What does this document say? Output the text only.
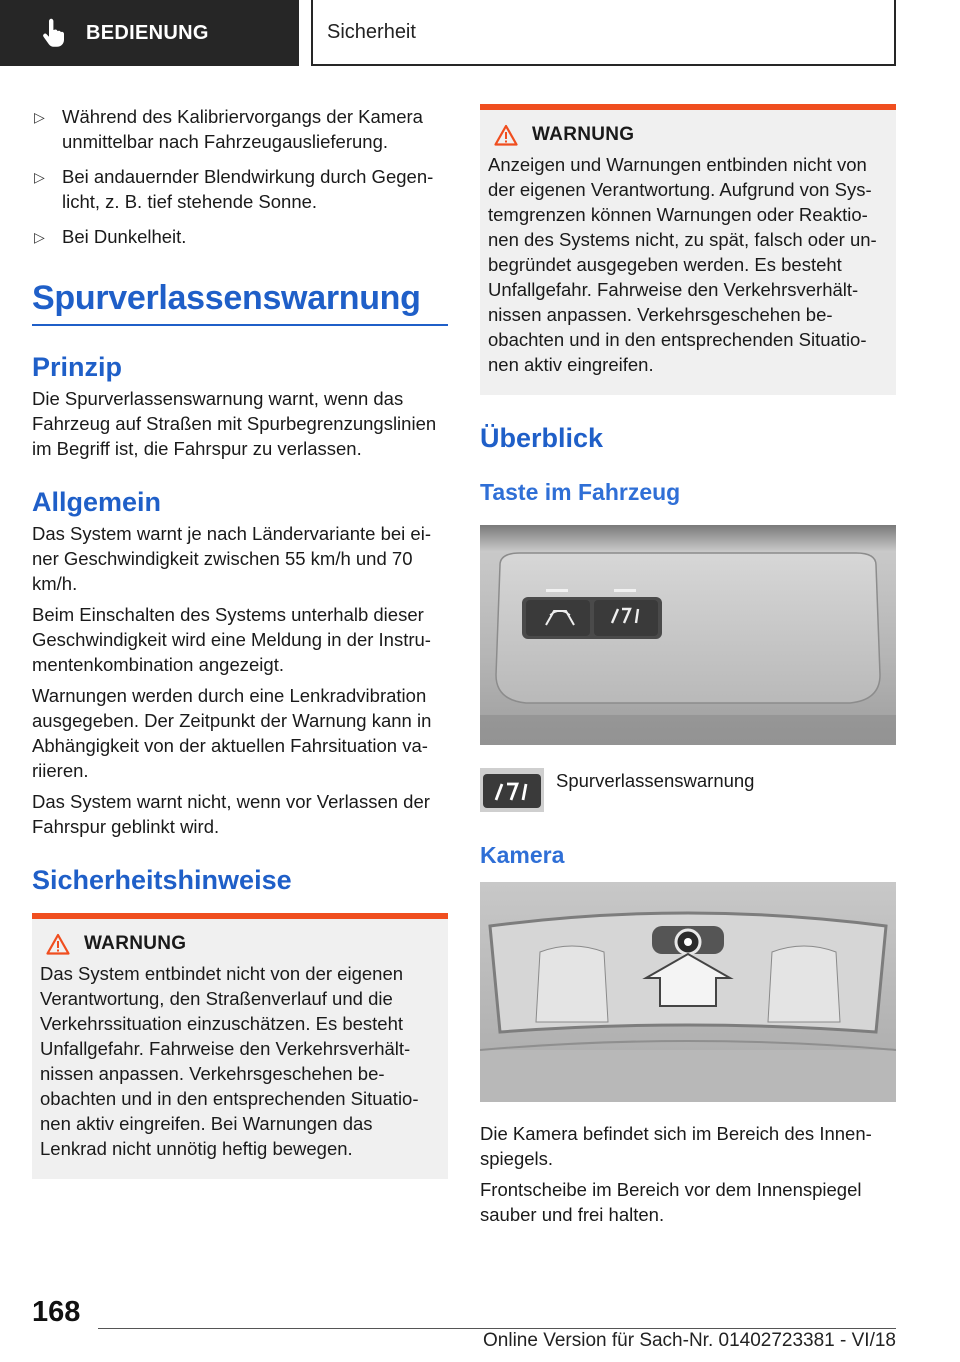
BEDIENUNG	Sicherheit
▷ Während des Kalibriervorgangs der Kamera unmittelbar nach Fahrzeugauslieferung.
▷ Bei andauernder Blendwirkung durch Gegen- licht, z. B. tief stehende Sonne.
▷ Bei Dunkelheit.
Spurverlassenswarnung
Prinzip

Die Spurverlassenswarnung warnt, wenn das Fahrzeug auf Straßen mit Spurbegrenzungslinien im Begriff ist, die Fahrspur zu verlassen.

Allgemein

Das System warnt je nach Ländervariante bei ei- ner Geschwindigkeit zwischen 55 km/h und 70 km/h.

Beim Einschalten des Systems unterhalb dieser Geschwindigkeit wird eine Meldung in der Instru- mentenkombination angezeigt.

Warnungen werden durch eine Lenkradvibration ausgegeben. Der Zeitpunkt der Warnung kann in Abhängigkeit von der aktuellen Fahrsituation va- riieren.

Das System warnt nicht, wenn vor Verlassen der Fahrspur geblinkt wird.

Sicherheitshinweise
WARNUNG

Das System entbindet nicht von der eigenen Verantwortung, den Straßenverlauf und die Verkehrssituation einzuschätzen. Es besteht Unfallgefahr. Fahrweise den Verkehrsverhält- nissen anpassen. Verkehrsgeschehen be- obachten und in den entsprechenden Situatio- nen aktiv eingreifen. Bei Warnungen das Lenkrad nicht unnötig heftig bewegen.

WARNUNG

Anzeigen und Warnungen entbinden nicht von der eigenen Verantwortung. Aufgrund von Sys- temgrenzen können Warnungen oder Reaktio- nen des Systems nicht, zu spät, falsch oder un- begründet ausgegeben werden. Es besteht Unfallgefahr. Fahrweise den Verkehrsverhält- nissen anpassen. Verkehrsgeschehen be- obachten und in den entsprechenden Situatio- nen aktiv eingreifen.

Überblick
Taste im Fahrzeug
Spurverlassenswarnung
Kamera

Die Kamera befindet sich im Bereich des Innen- spiegels.

Frontscheibe im Bereich vor dem Innenspiegel sauber und frei halten.

168
Online Version für Sach-Nr. 01402723381 - VI/18
